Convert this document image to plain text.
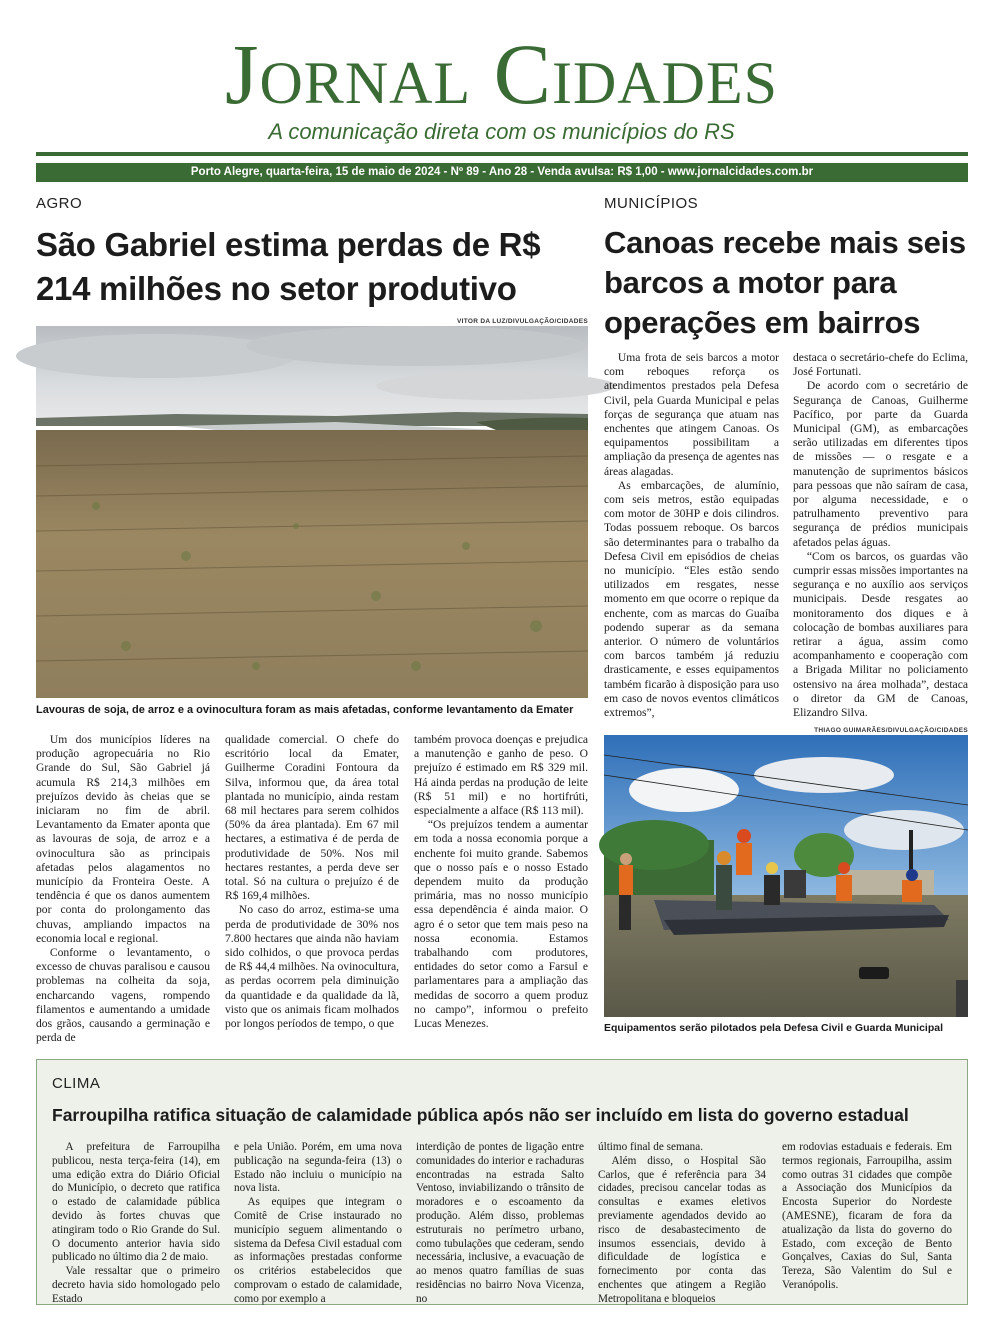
Jornal Cidades
A comunicação direta com os municípios do RS
Porto Alegre, quarta-feira, 15 de maio de 2024 - Nº 89 - Ano 28 - Venda avulsa: R$ 1,00 - www.jornalcidades.com.br
AGRO
São Gabriel estima perdas de R$ 214 milhões no setor produtivo
VITOR DA LUZ/DIVULGAÇÃO/CIDADES
Lavouras de soja, de arroz e a ovinocultura foram as mais afetadas, conforme levantamento da Emater

Um dos municípios líderes na produção agropecuária no Rio Grande do Sul, São Gabriel já acumula R$ 214,3 milhões em prejuízos devido às cheias que se iniciaram no fim de abril. Levantamento da Emater aponta que as lavouras de soja, de arroz e a ovinocultura são as principais afetadas pelos alagamentos no município da Fronteira Oeste. A tendência é que os danos aumentem por conta do prolongamento das chuvas, ampliando impactos na economia local e regional.

Conforme o levantamento, o excesso de chuvas paralisou e causou problemas na colheita da soja, encharcando vagens, rompendo filamentos e aumentando a umidade dos grãos, causando a germinação e perda de

qualidade comercial. O chefe do escritório local da Emater, Guilherme Coradini Fontoura da Silva, informou que, da área total plantada no município, ainda restam 68 mil hectares para serem colhidos (50% da área plantada). Em 67 mil hectares, a estimativa é de perda de produtividade de 50%. Nos mil hectares restantes, a perda deve ser total. Só na cultura o prejuízo é de R$ 169,4 milhões.

No caso do arroz, estima-se uma perda de produtividade de 30% nos 7.800 hectares que ainda não haviam sido colhidos, o que provoca perdas de R$ 44,4 milhões. Na ovinocultura, as perdas ocorrem pela diminuição da quantidade e da qualidade da lã, visto que os animais ficam molhados por longos períodos de tempo, o que

também provoca doenças e prejudica a manutenção e ganho de peso. O prejuízo é estimado em R$ 329 mil. Há ainda perdas na produção de leite (R$ 51 mil) e no hortifrúti, especialmente a alface (R$ 113 mil).

“Os prejuízos tendem a aumentar em toda a nossa economia porque a enchente foi muito grande. Sabemos que o nosso país e o nosso Estado dependem muito da produção primária, mas no nosso município essa dependência é ainda maior. O agro é o setor que tem mais peso na nossa economia. Estamos trabalhando com produtores, entidades do setor como a Farsul e parlamentares para a ampliação das medidas de socorro a quem produz no campo”, informou o prefeito Lucas Menezes.

MUNICÍPIOS
Canoas recebe mais seis barcos a motor para operações em bairros

Uma frota de seis barcos a motor com reboques reforça os atendimentos prestados pela Defesa Civil, pela Guarda Municipal e pelas forças de segurança que atuam nas enchentes que atingem Canoas. Os equipamentos possibilitam a ampliação da presença de agentes nas áreas alagadas.

As embarcações, de alumínio, com seis metros, estão equipadas com motor de 30HP e dois cilindros. Todas possuem reboque. Os barcos são determinantes para o trabalho da Defesa Civil em episódios de cheias no município. “Eles estão sendo utilizados em resgates, nesse momento em que ocorre o repique da enchente, com as marcas do Guaíba podendo superar as da semana anterior. O número de voluntários com barcos também já reduziu drasticamente, e esses equipamentos também ficarão à disposição para uso em caso de novos eventos climáticos extremos”,

destaca o secretário-chefe do Eclima, José Fortunati.

De acordo com o secretário de Segurança de Canoas, Guilherme Pacífico, por parte da Guarda Municipal (GM), as embarcações serão utilizadas em diferentes tipos de missões — o resgate e a manutenção de suprimentos básicos para pessoas que não saíram de casa, por alguma necessidade, e o patrulhamento preventivo para segurança de prédios municipais afetados pelas águas.

“Com os barcos, os guardas vão cumprir essas missões importantes na segurança e no auxílio aos serviços municipais. Desde resgates ao monitoramento dos diques e à colocação de bombas auxiliares para retirar a água, assim como acompanhamento e cooperação com a Brigada Militar no policiamento ostensivo na área molhada”, destaca o diretor da GM de Canoas, Elizandro Silva.

THIAGO GUIMARÃES/DIVULGAÇÃO/CIDADES
Equipamentos serão pilotados pela Defesa Civil e Guarda Municipal
CLIMA
Farroupilha ratifica situação de calamidade pública após não ser incluído em lista do governo estadual

A prefeitura de Farroupilha publicou, nesta terça-feira (14), em uma edição extra do Diário Oficial do Município, o decreto que ratifica o estado de calamidade pública devido às fortes chuvas que atingiram todo o Rio Grande do Sul. O documento anterior havia sido publicado no último dia 2 de maio.

Vale ressaltar que o primeiro decreto havia sido homologado pelo Estado

e pela União. Porém, em uma nova publicação na segunda-feira (13) o Estado não incluiu o município na nova lista.

As equipes que integram o Comitê de Crise instaurado no município seguem alimentando o sistema da Defesa Civil estadual com as informações prestadas conforme os critérios estabelecidos que comprovam o estado de calamidade, como por exemplo a

interdição de pontes de ligação entre comunidades do interior e rachaduras encontradas na estrada Salto Ventoso, inviabilizando o trânsito de moradores e o escoamento da produção. Além disso, problemas estruturais no perímetro urbano, como tubulações que cederam, sendo necessária, inclusive, a evacuação de ao menos quatro famílias de suas residências no bairro Nova Vicenza, no

último final de semana.

Além disso, o Hospital São Carlos, que é referência para 34 cidades, precisou cancelar todas as consultas e exames eletivos previamente agendados devido ao risco de desabastecimento de insumos essenciais, devido à dificuldade de logística e fornecimento por conta das enchentes que atingem a Região Metropolitana e bloqueios

em rodovias estaduais e federais. Em termos regionais, Farroupilha, assim como outras 31 cidades que compõe a Associação dos Municípios da Encosta Superior do Nordeste (AMESNE), ficaram de fora da atualização da lista do governo do Estado, com exceção de Bento Gonçalves, Caxias do Sul, Santa Tereza, São Valentim do Sul e Veranópolis.
